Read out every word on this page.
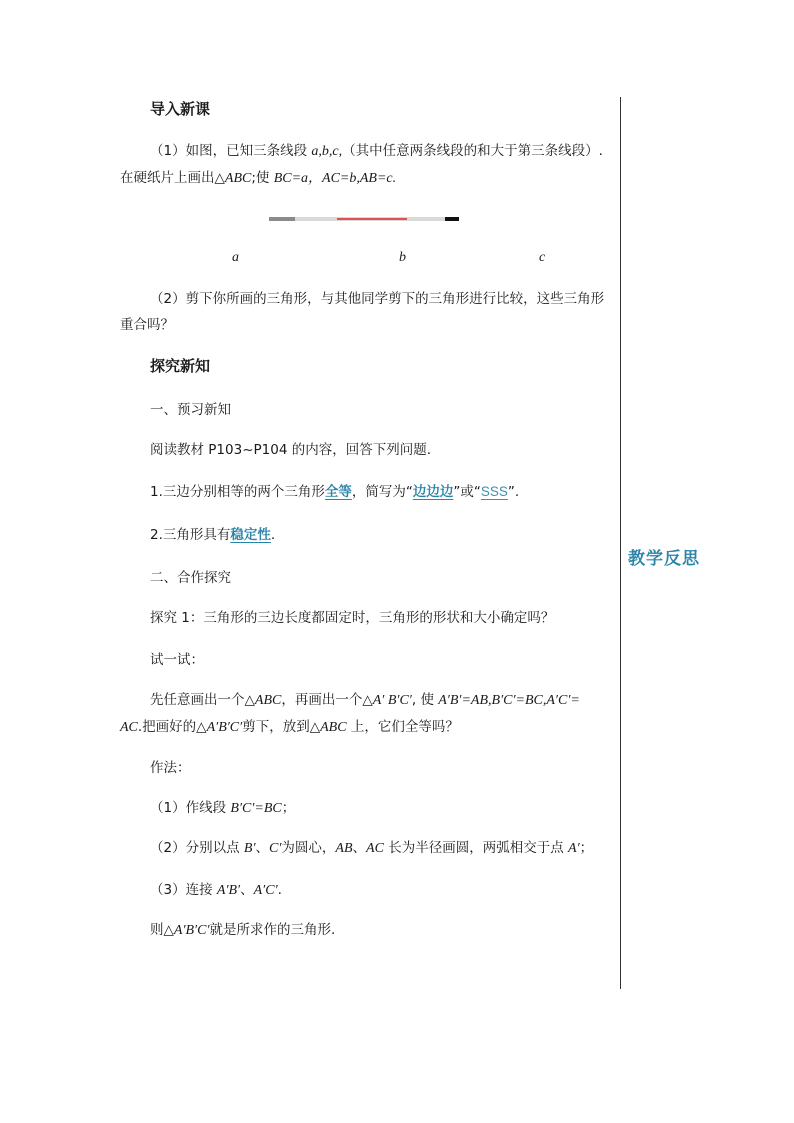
教学反思
导入新课
（1）如图，已知三条线段 a,b,c,（其中任意两条线段的和大于第三条线段）.
在硬纸片上画出△ABC;使 BC=a，AC=b,AB=c.
a	b	c
（2）剪下你所画的三角形，与其他同学剪下的三角形进行比较，这些三角形
重合吗？
探究新知
一、预习新知
阅读教材 P103~P104 的内容，回答下列问题.
1.三边分别相等的两个三角形全等，简写为“边边边”或“SSS”.
2.三角形具有稳定性.
二、合作探究
探究 1：三角形的三边长度都固定时，三角形的形状和大小确定吗？
试一试：
先任意画出一个△ABC，再画出一个△A′ B′C′, 使 A′B′=AB,B′C′=BC,A′C′=
AC.把画好的△A′B′C′剪下，放到△ABC 上，它们全等吗？
作法：
（1）作线段 B′C′=BC；
（2）分别以点 B′、C′为圆心，AB、AC 长为半径画圆，两弧相交于点 A′；
（3）连接 A′B′、A′C′.
则△A′B′C′就是所求作的三角形.
